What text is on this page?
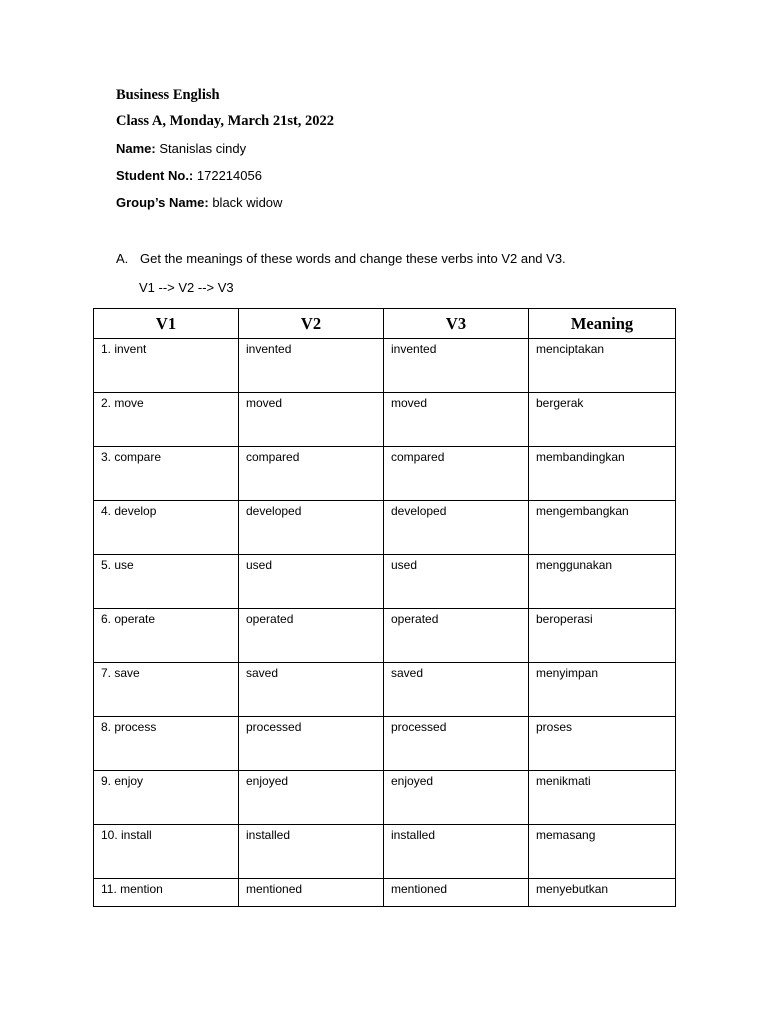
Business English
Class A, Monday, March 21st, 2022
Name: Stanislas cindy
Student No.: 172214056
Group’s Name: black widow
A. Get the meanings of these words and change these verbs into V2 and V3.
V1 --> V2 --> V3
V1	V2	V3	Meaning
1. invent	invented	invented	menciptakan
2. move	moved	moved	bergerak
3. compare	compared	compared	membandingkan
4. develop	developed	developed	mengembangkan
5. use	used	used	menggunakan
6. operate	operated	operated	beroperasi
7. save	saved	saved	menyimpan
8. process	processed	processed	proses
9. enjoy	enjoyed	enjoyed	menikmati
10. install	installed	installed	memasang
11. mention	mentioned	mentioned	menyebutkan
